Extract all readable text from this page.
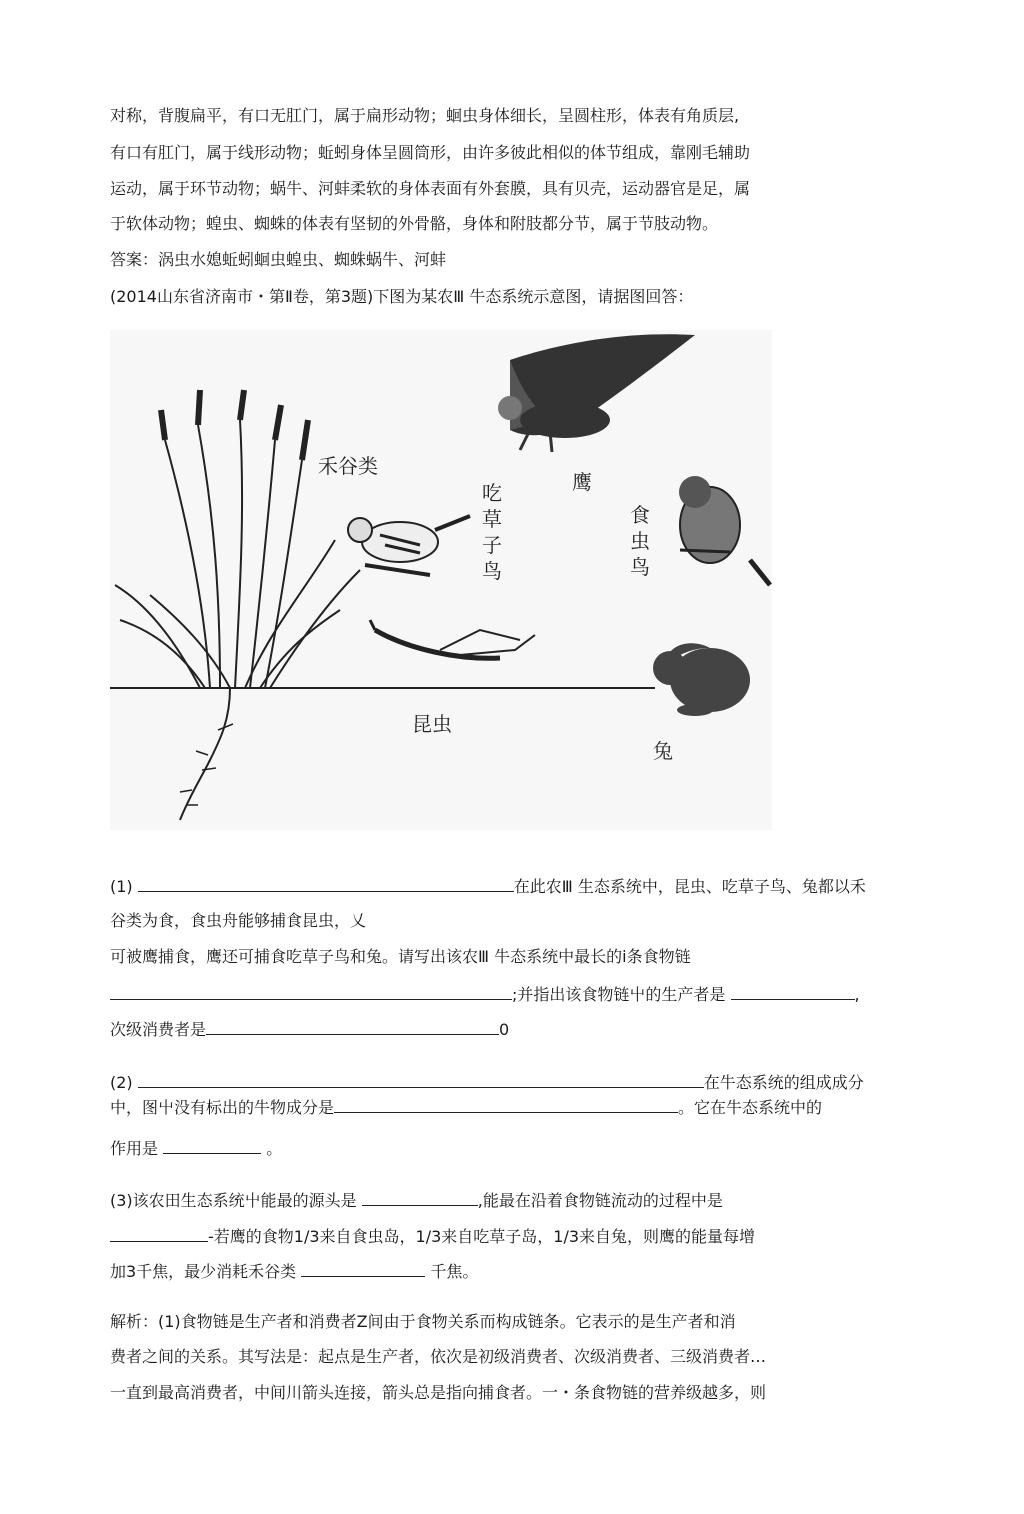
对称，背腹扁平，有口无肛门，属于扁形动物；蛔虫身体细长，呈圆柱形，体表有角质层,
有口有肛门，属于线形动物；蚯蚓身体呈圆筒形，由许多彼此相似的体节组成，靠刚毛辅助
运动，属于环节动物；蜗牛、河蚌柔软的身体表面有外套膜，具有贝壳，运动器官是足，属
于软体动物；蝗虫、蜘蛛的体表有坚韧的外骨骼，身体和附肢都分节，属于节肢动物。
答案：涡虫水媳蚯蚓蛔虫蝗虫、蜘蛛蜗牛、河蚌
(2014山东省济南市・第Ⅱ卷，第3题)下图为某农Ⅲ 牛态系统示意图，请据图回答：
禾谷类
鹰
吃草子鸟
食虫鸟
昆虫
兔
(1)	在此农Ⅲ 生态系统中，昆虫、吃草子鸟、兔都以禾
谷类为食，食虫舟能够捕食昆虫，乂
可被鹰捕食，鹰还可捕食吃草子鸟和兔。请写出该农Ⅲ 牛态系统中最长的ⅰ条食物链
;并指出该食物链屮的生产者是	,
次级消费者是	0
(2)	在牛态系统的组成成分
中，图屮没有标出的牛物成分是	。它在牛态系统中的
作用是	。
(3)该农田生态系统屮能最的源头是	,能最在沿着食物链流动的过程中是
-若鹰的食物1/3来自食虫岛，1/3来自吃草子岛，1/3来自兔，则鹰的能量每增
加3千焦，最少消耗禾谷类	千焦。
解析：(1)食物链是生产者和消费者Z间由于食物关系而构成链条。它表示的是生产者和消
费者之间的关系。其写法是：起点是生产者，依次是初级消费者、次级消费者、三级消费者…
一直到最高消费者，中间川箭头连接，箭头总是指向捕食者。一・条食物链的营养级越多，则
